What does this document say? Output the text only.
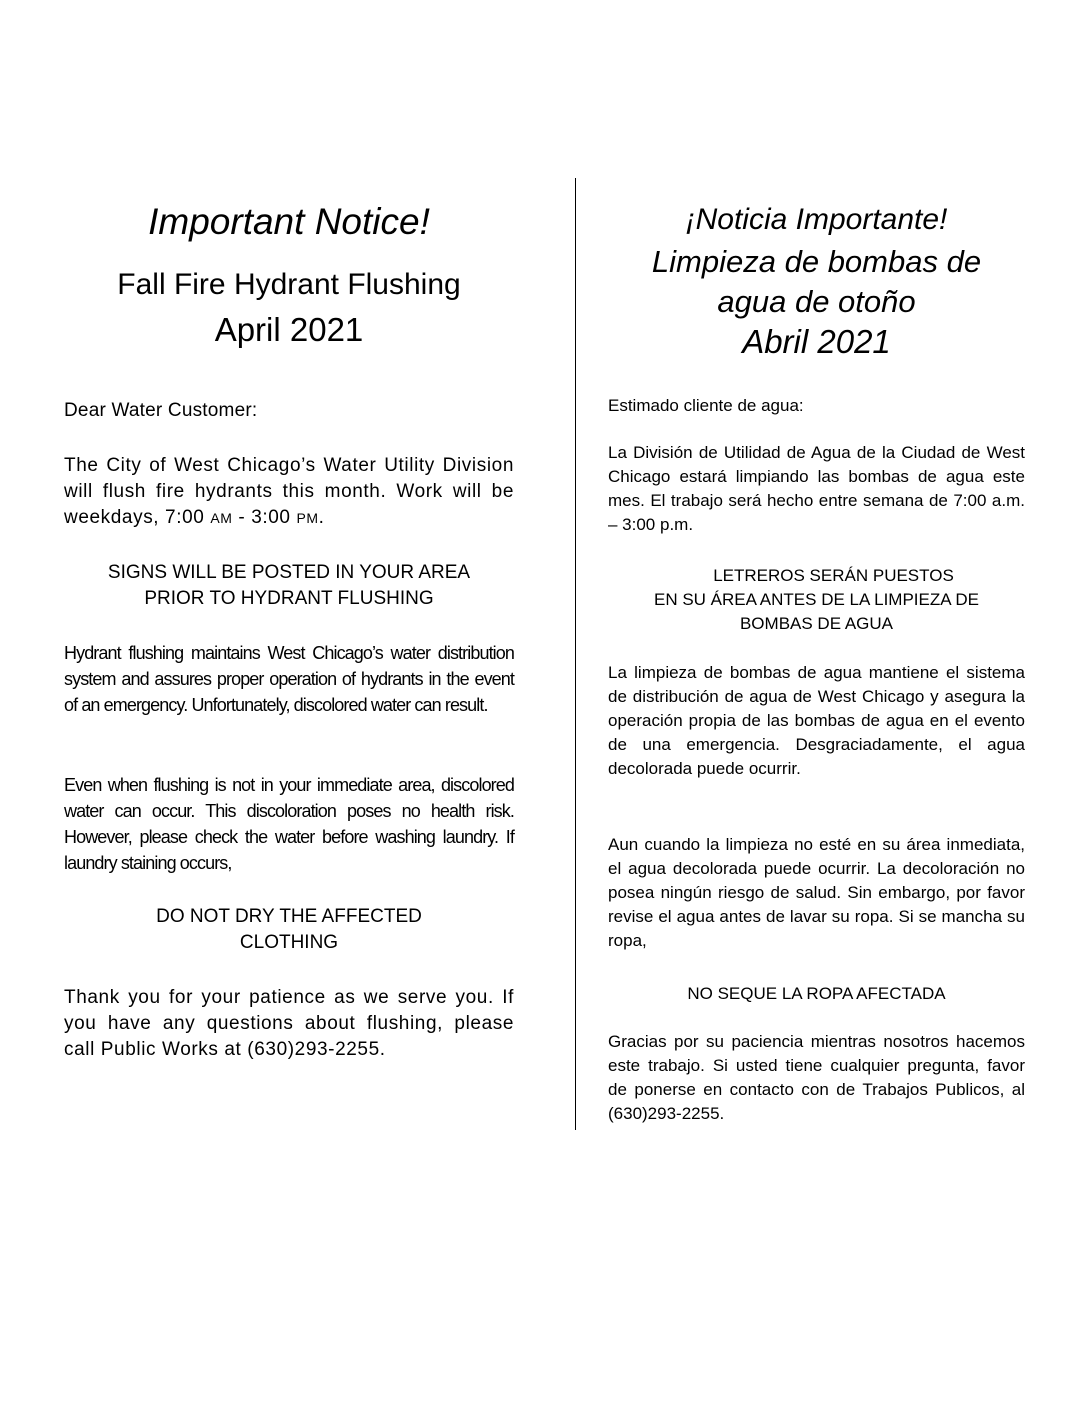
Important Notice!
Fall Fire Hydrant Flushing
April 2021

Dear Water Customer:

The City of West Chicago’s Water Utility Division will flush fire hydrants this month. Work will be weekdays, 7:00 AM - 3:00 PM.

SIGNS WILL BE POSTED IN YOUR AREA
PRIOR TO HYDRANT FLUSHING

Hydrant flushing maintains West Chicago’s water distribution system and assures proper operation of hydrants in the event of an emergency. Unfortunately, discolored water can result.

Even when flushing is not in your immediate area, discolored water can occur. This discoloration poses no health risk. However, please check the water before washing laundry. If laundry staining occurs,

DO NOT DRY THE AFFECTED
CLOTHING

Thank you for your patience as we serve you. If you have any questions about flushing, please call Public Works at (630)293-2255.

¡Noticia Importante!
Limpieza de bombas de
agua de otoño
Abril 2021

Estimado cliente de agua:

La División de Utilidad de Agua de la Ciudad de West Chicago estará limpiando las bombas de agua este mes. El trabajo será hecho entre semana de 7:00 a.m. – 3:00 p.m.

LETREROS SERÁN PUESTOS
EN SU ÁREA ANTES DE LA LIMPIEZA DE
BOMBAS DE AGUA

La limpieza de bombas de agua mantiene el sistema de distribución de agua de West Chicago y asegura la operación propia de las bombas de agua en el evento de una emergencia. Desgraciadamente, el agua decolorada puede ocurrir.

Aun cuando la limpieza no esté en su área inmediata, el agua decolorada puede ocurrir. La decoloración no posea ningún riesgo de salud. Sin embargo, por favor revise el agua antes de lavar su ropa. Si se mancha su ropa,

NO SEQUE LA ROPA AFECTADA

Gracias por su paciencia mientras nosotros hacemos este trabajo. Si usted tiene cualquier pregunta, favor de ponerse en contacto con de Trabajos Publicos, al (630)293-2255.
